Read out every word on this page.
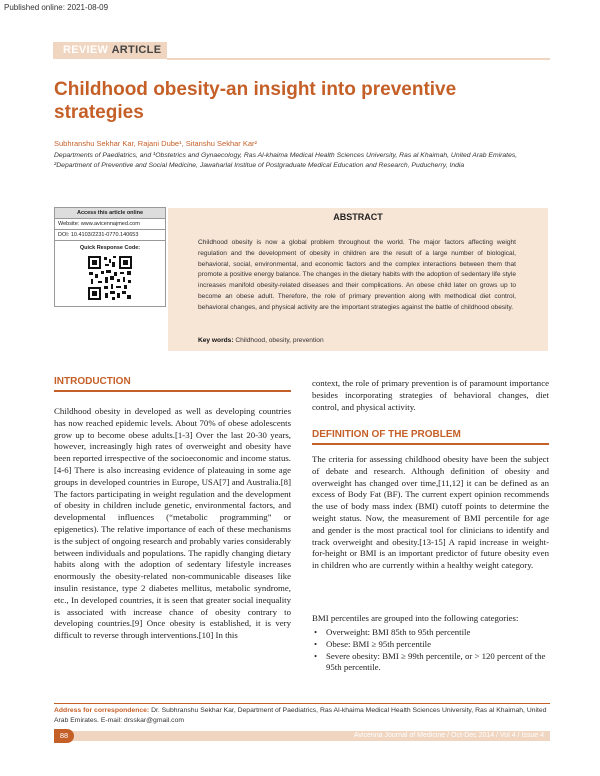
Published online: 2021-08-09
REVIEW ARTICLE
Childhood obesity-an insight into preventive strategies
Subhranshu Sekhar Kar, Rajani Dube¹, Sitanshu Sekhar Kar²
Departments of Paediatrics, and ¹Obstetrics and Gynaecology, Ras Al-khaima Medical Health Sciences University, Ras al Khaimah, United Arab Emirates, ²Department of Preventive and Social Medicine, Jawaharlal Institue of Postgraduate Medical Education and Research, Puducherry, India
Access this article online
Website: www.avicennajmed.com
DOI: 10.4103/2231-0770.140653
Quick Response Code:
ABSTRACT
Childhood obesity is now a global problem throughout the world. The major factors affecting weight regulation and the development of obesity in children are the result of a large number of biological, behavioral, social, environmental, and economic factors and the complex interactions between them that promote a positive energy balance. The changes in the dietary habits with the adoption of sedentary life style increases manifold obesity-related diseases and their complications. An obese child later on grows up to become an obese adult. Therefore, the role of primary prevention along with methodical diet control, behavioral changes, and physical activity are the important strategies against the battle of childhood obesity.
Key words: Childhood, obesity, prevention
INTRODUCTION
Childhood obesity in developed as well as developing countries has now reached epidemic levels. About 70% of obese adolescents grow up to become obese adults.[1-3] Over the last 20-30 years, however, increasingly high rates of overweight and obesity have been reported irrespective of the socioeconomic and income status.[4-6] There is also increasing evidence of plateauing in some age groups in developed countries in Europe, USA[7] and Australia.[8] The factors participating in weight regulation and the development of obesity in children include genetic, environmental factors, and developmental influences (“metabolic programming” or epigenetics). The relative importance of each of these mechanisms is the subject of ongoing research and probably varies considerably between individuals and populations. The rapidly changing dietary habits along with the adoption of sedentary lifestyle increases enormously the obesity-related non-communicable diseases like insulin resistance, type 2 diabetes mellitus, metabolic syndrome, etc., In developed countries, it is seen that greater social inequality is associated with increase chance of obesity contrary to developing countries.[9] Once obesity is established, it is very difficult to reverse through interventions.[10] In this
context, the role of primary prevention is of paramount importance besides incorporating strategies of behavioral changes, diet control, and physical activity.
DEFINITION OF THE PROBLEM
The criteria for assessing childhood obesity have been the subject of debate and research. Although definition of obesity and overweight has changed over time,[11,12] it can be defined as an excess of Body Fat (BF). The current expert opinion recommends the use of body mass index (BMI) cutoff points to determine the weight status. Now, the measurement of BMI percentile for age and gender is the most practical tool for clinicians to identify and track overweight and obesity.[13-15] A rapid increase in weight-for-height or BMI is an important predictor of future obesity even in children who are currently within a healthy weight category.
BMI percentiles are grouped into the following categories:
• Overweight: BMI 85th to 95th percentile
• Obese: BMI ≥ 95th percentile
• Severe obesity: BMI ≥ 99th percentile, or > 120 percent of the 95th percentile.
Address for correspondence: Dr. Subhranshu Sekhar Kar, Department of Paediatrics, Ras Al-khaima Medical Health Sciences University, Ras al Khaimah, United Arab Emirates. E-mail: drsskar@gmail.com
Avicenna Journal of Medicine / Oct-Dec 2014 / Vol 4 / Issue 4
88
